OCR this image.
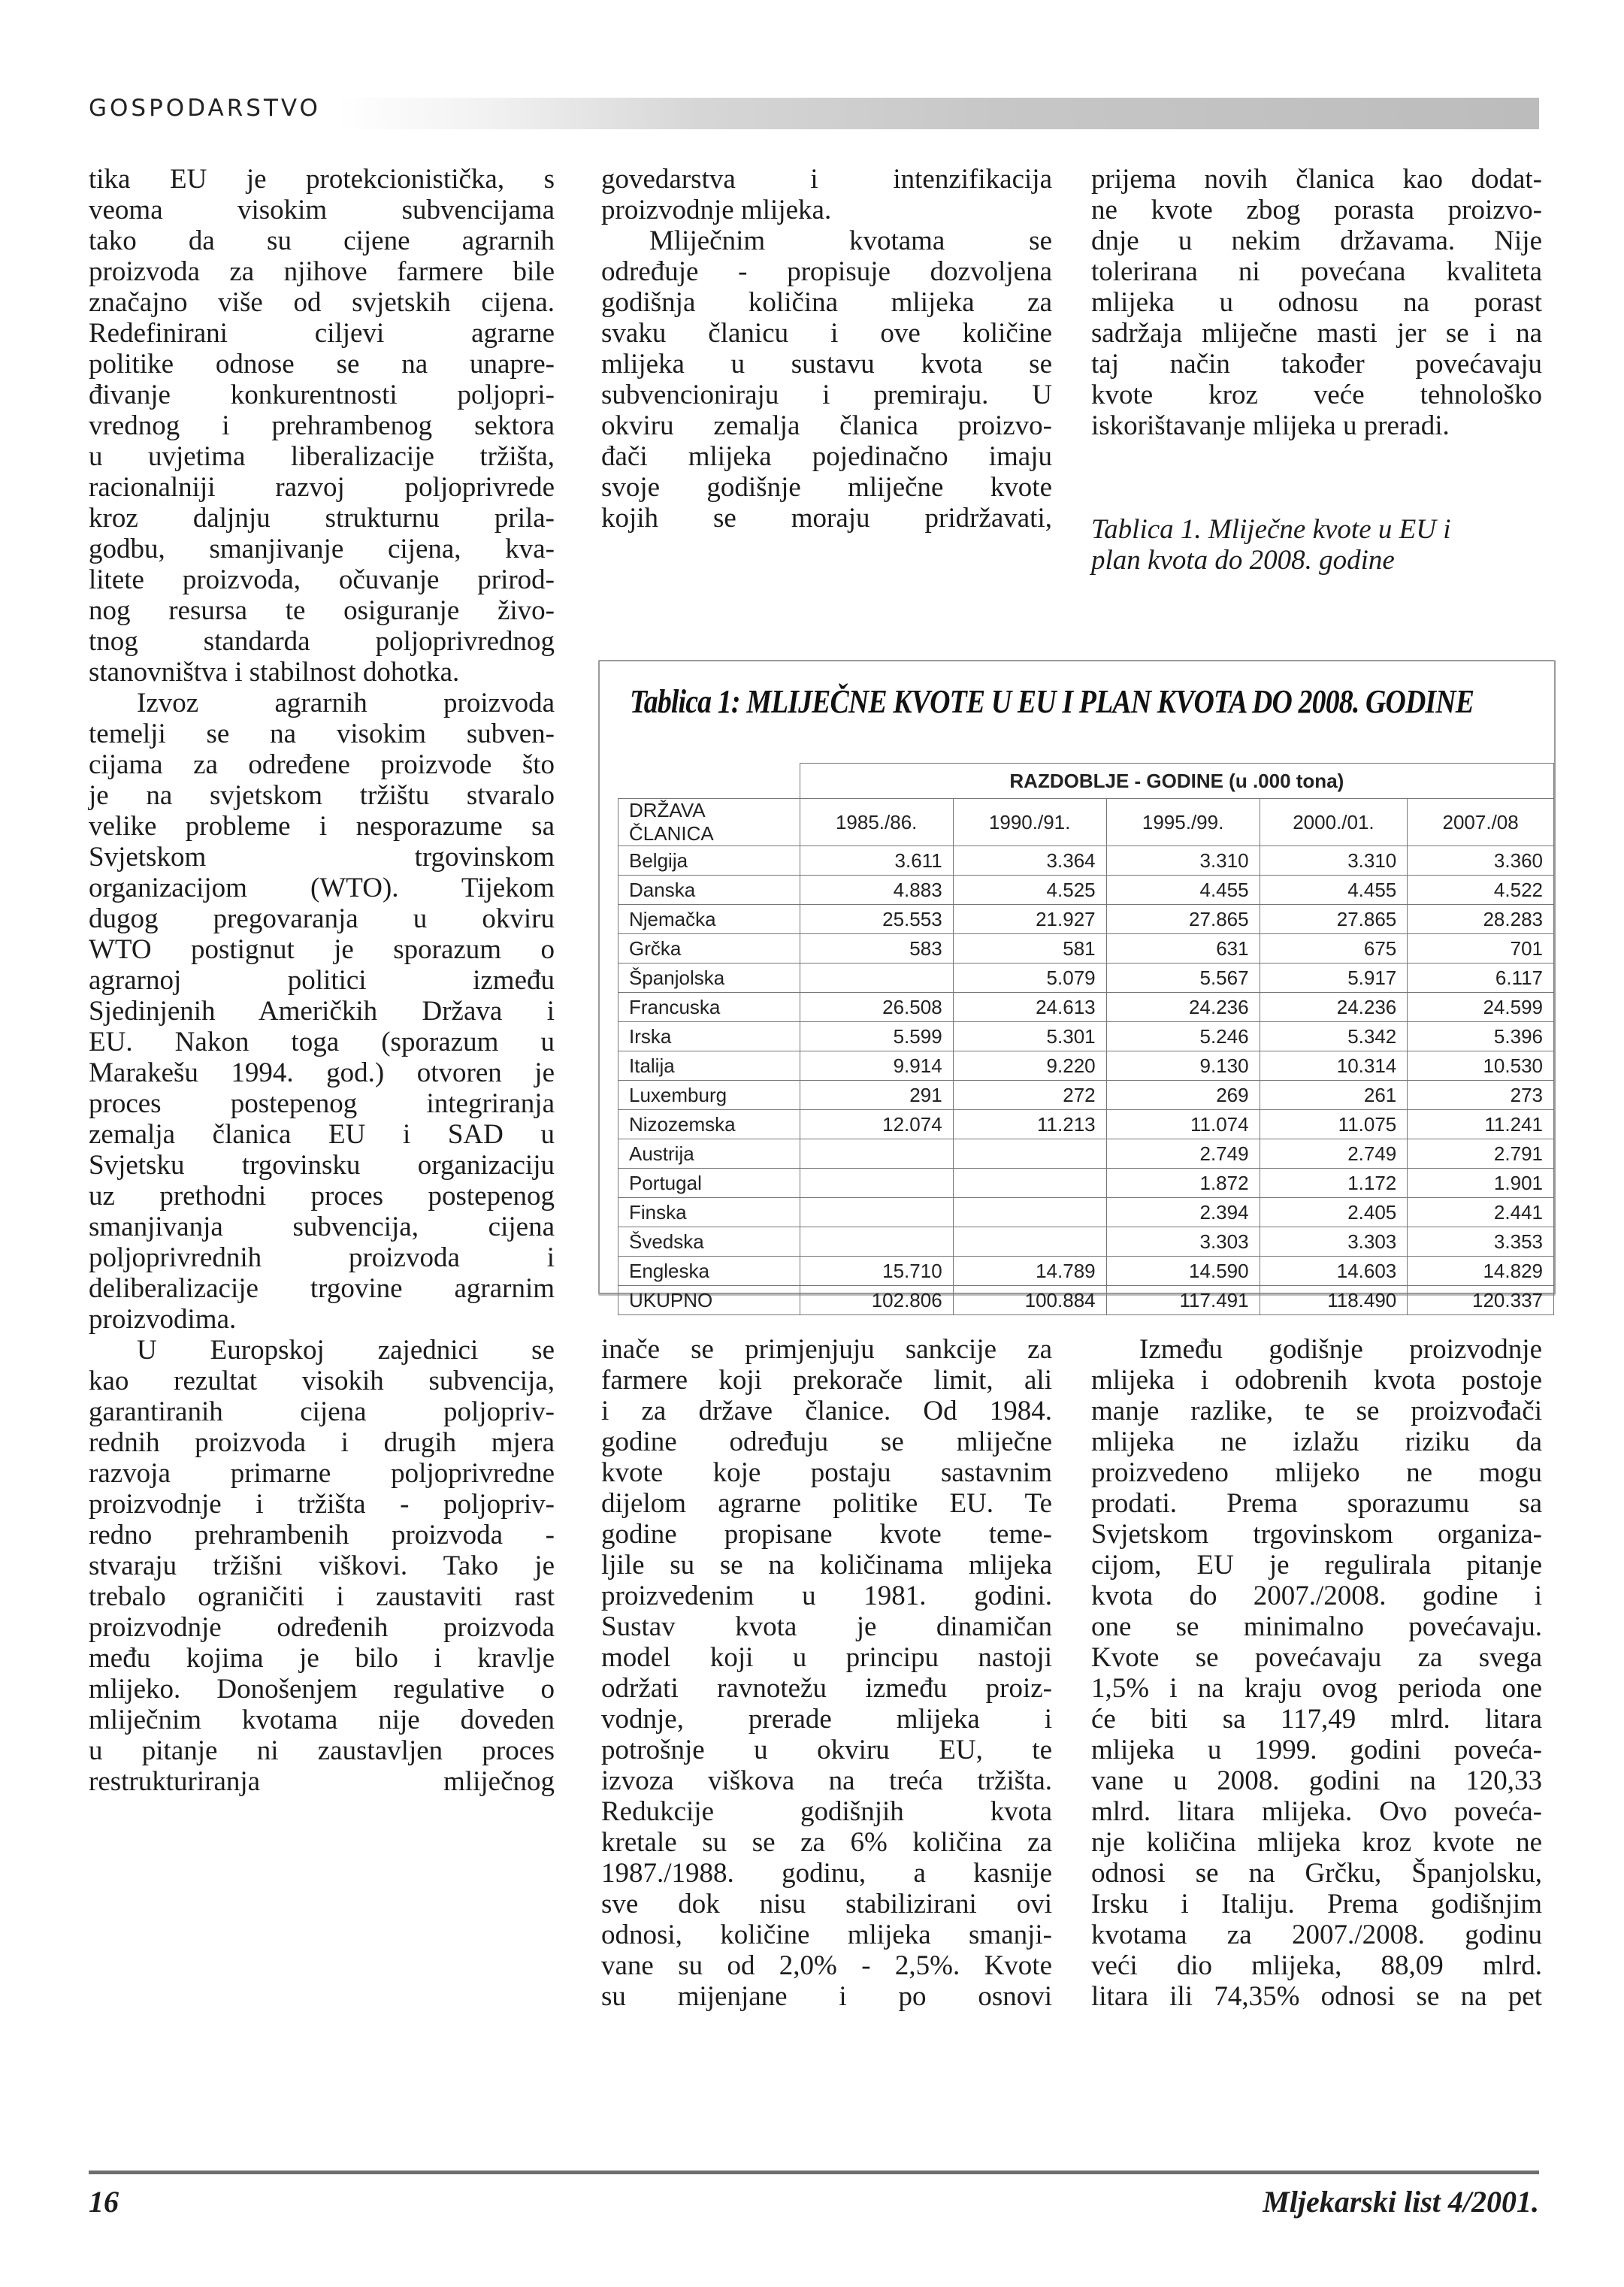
GOSPODARSTVO
tika EU je protekcionistička, s
veoma visokim subvencijama
tako da su cijene agrarnih
proizvoda za njihove farmere bile
značajno više od svjetskih cijena.
Redefinirani ciljevi agrarne
politike odnose se na unapre-
đivanje konkurentnosti poljopri-
vrednog i prehrambenog sektora
u uvjetima liberalizacije tržišta,
racionalniji razvoj poljoprivrede
kroz daljnju strukturnu prila-
godbu, smanjivanje cijena, kva-
litete proizvoda, očuvanje prirod-
nog resursa te osiguranje živo-
tnog standarda poljoprivrednog
stanovništva i stabilnost dohotka.
Izvoz agrarnih proizvoda
temelji se na visokim subven-
cijama za određene proizvode što
je na svjetskom tržištu stvaralo
velike probleme i nesporazume sa
Svjetskom trgovinskom
organizacijom (WTO). Tijekom
dugog pregovaranja u okviru
WTO postignut je sporazum o
agrarnoj politici između
Sjedinjenih Američkih Država i
EU. Nakon toga (sporazum u
Marakešu 1994. god.) otvoren je
proces postepenog integriranja
zemalja članica EU i SAD u
Svjetsku trgovinsku organizaciju
uz prethodni proces postepenog
smanjivanja subvencija, cijena
poljoprivrednih proizvoda i
deliberalizacije trgovine agrarnim
proizvodima.
U Europskoj zajednici se
kao rezultat visokih subvencija,
garantiranih cijena poljopriv-
rednih proizvoda i drugih mjera
razvoja primarne poljoprivredne
proizvodnje i tržišta - poljopriv-
redno prehrambenih proizvoda -
stvaraju tržišni viškovi. Tako je
trebalo ograničiti i zaustaviti rast
proizvodnje određenih proizvoda
među kojima je bilo i kravlje
mlijeko. Donošenjem regulative o
mliječnim kvotama nije doveden
u pitanje ni zaustavljen proces
restrukturiranja mliječnog
govedarstva i intenzifikacija
proizvodnje mlijeka.
Mliječnim kvotama se
određuje - propisuje dozvoljena
godišnja količina mlijeka za
svaku članicu i ove količine
mlijeka u sustavu kvota se
subvencioniraju i premiraju. U
okviru zemalja članica proizvo-
đači mlijeka pojedinačno imaju
svoje godišnje mliječne kvote
kojih se moraju pridržavati,
prijema novih članica kao dodat-
ne kvote zbog porasta proizvo-
dnje u nekim državama. Nije
tolerirana ni povećana kvaliteta
mlijeka u odnosu na porast
sadržaja mliječne masti jer se i na
taj način također povećavaju
kvote kroz veće tehnološko
iskorištavanje mlijeka u preradi.
Tablica 1. Mliječne kvote u EU i
plan kvota do 2008. godine
Tablica 1: MLIJEČNE KVOTE U EU I PLAN KVOTA DO 2008. GODINE
	RAZDOBLJE - GODINE (u .000 tona)				
DRŽAVA ČLANICA	1985./86.	1990./91.	1995./99.	2000./01.	2007./08
Belgija	3.611	3.364	3.310	3.310	3.360
Danska	4.883	4.525	4.455	4.455	4.522
Njemačka	25.553	21.927	27.865	27.865	28.283
Grčka	583	581	631	675	701
Španjolska		5.079	5.567	5.917	6.117
Francuska	26.508	24.613	24.236	24.236	24.599
Irska	5.599	5.301	5.246	5.342	5.396
Italija	9.914	9.220	9.130	10.314	10.530
Luxemburg	291	272	269	261	273
Nizozemska	12.074	11.213	11.074	11.075	11.241
Austrija			2.749	2.749	2.791
Portugal			1.872	1.172	1.901
Finska			2.394	2.405	2.441
Švedska			3.303	3.303	3.353
Engleska	15.710	14.789	14.590	14.603	14.829
UKUPNO	102.806	100.884	117.491	118.490	120.337
inače se primjenjuju sankcije za
farmere koji prekorače limit, ali
i za države članice. Od 1984.
godine određuju se mliječne
kvote koje postaju sastavnim
dijelom agrarne politike EU. Te
godine propisane kvote teme-
ljile su se na količinama mlijeka
proizvedenim u 1981. godini.
Sustav kvota je dinamičan
model koji u principu nastoji
održati ravnotežu između proiz-
vodnje, prerade mlijeka i
potrošnje u okviru EU, te
izvoza viškova na treća tržišta.
Redukcije godišnjih kvota
kretale su se za 6% količina za
1987./1988. godinu, a kasnije
sve dok nisu stabilizirani ovi
odnosi, količine mlijeka smanji-
vane su od 2,0% - 2,5%. Kvote
su mijenjane i po osnovi
Između godišnje proizvodnje
mlijeka i odobrenih kvota postoje
manje razlike, te se proizvođači
mlijeka ne izlažu riziku da
proizvedeno mlijeko ne mogu
prodati. Prema sporazumu sa
Svjetskom trgovinskom organiza-
cijom, EU je regulirala pitanje
kvota do 2007./2008. godine i
one se minimalno povećavaju.
Kvote se povećavaju za svega
1,5% i na kraju ovog perioda one
će biti sa 117,49 mlrd. litara
mlijeka u 1999. godini poveća-
vane u 2008. godini na 120,33
mlrd. litara mlijeka. Ovo poveća-
nje količina mlijeka kroz kvote ne
odnosi se na Grčku, Španjolsku,
Irsku i Italiju. Prema godišnjim
kvotama za 2007./2008. godinu
veći dio mlijeka, 88,09 mlrd.
litara ili 74,35% odnosi se na pet
16	Mljekarski list 4/2001.
